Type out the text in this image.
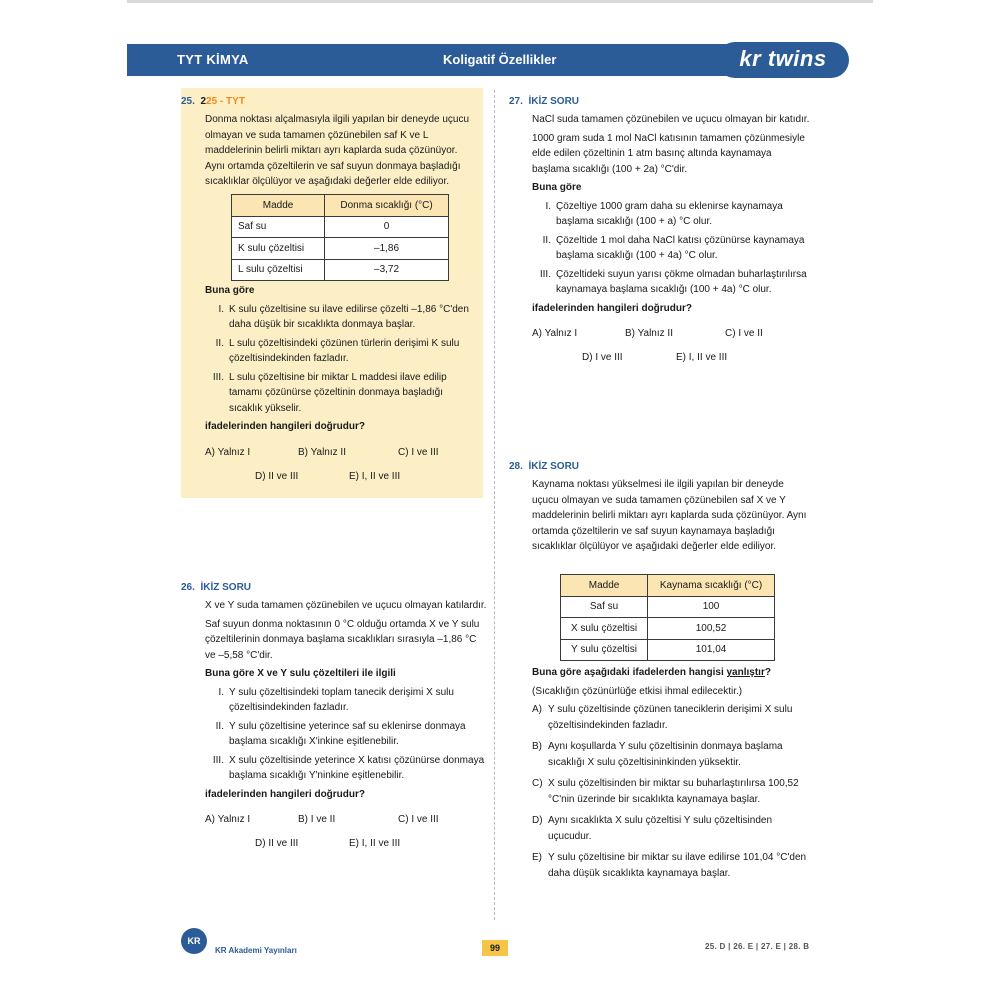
TYT KİMYA	Koligatif Özellikler	kr twins
25. 225 - TYT

Donma noktası alçalmasıyla ilgili yapılan bir deneyde uçucu olmayan ve suda tamamen çözünebilen saf K ve L maddelerinin belirli miktarı ayrı kaplarda suda çözünüyor. Aynı ortamda çözeltilerin ve saf suyun donmaya başladığı sıcaklıklar ölçülüyor ve aşağıdaki değerler elde ediliyor.

Madde	Donma sıcaklığı (°C)
Saf su	0
K sulu çözeltisi	–1,86
L sulu çözeltisi	–3,72

Buna göre

I. K sulu çözeltisine su ilave edilirse çözelti –1,86 °C'den daha düşük bir sıcaklıkta donmaya başlar.
II. L sulu çözeltisindeki çözünen türlerin derişimi K sulu çözeltisindekinden fazladır.
III. L sulu çözeltisine bir miktar L maddesi ilave edilip tamamı çözünürse çözeltinin donmaya başladığı sıcaklık yükselir.

ifadelerinden hangileri doğrudur?

A) Yalnız I	B) Yalnız II	C) I ve III
D) II ve III	E) I, II ve III
26. İKİZ SORU

X ve Y suda tamamen çözünebilen ve uçucu olmayan katılardır.

Saf suyun donma noktasının 0 °C olduğu ortamda X ve Y sulu çözeltilerinin donmaya başlama sıcaklıkları sırasıyla –1,86 °C ve –5,58 °C'dir.

Buna göre X ve Y sulu çözeltileri ile ilgili

I. Y sulu çözeltisindeki toplam tanecik derişimi X sulu çözeltisindekinden fazladır.
II. Y sulu çözeltisine yeterince saf su eklenirse donmaya başlama sıcaklığı X'inkine eşitlenebilir.
III. X sulu çözeltisinde yeterince X katısı çözünürse donmaya başlama sıcaklığı Y'ninkine eşitlenebilir.

ifadelerinden hangileri doğrudur?

A) Yalnız I	B) I ve II	C) I ve III
D) II ve III	E) I, II ve III
27. İKİZ SORU

NaCl suda tamamen çözünebilen ve uçucu olmayan bir katıdır.

1000 gram suda 1 mol NaCl katısının tamamen çözünmesiyle elde edilen çözeltinin 1 atm basınç altında kaynamaya başlama sıcaklığı (100 + 2a) °C'dir.

Buna göre

I. Çözeltiye 1000 gram daha su eklenirse kaynamaya başlama sıcaklığı (100 + a) °C olur.
II. Çözeltide 1 mol daha NaCl katısı çözünürse kaynamaya başlama sıcaklığı (100 + 4a) °C olur.
III. Çözeltideki suyun yarısı çökme olmadan buharlaştırılırsa kaynamaya başlama sıcaklığı (100 + 4a) °C olur.

ifadelerinden hangileri doğrudur?

A) Yalnız I	B) Yalnız II	C) I ve II
D) I ve III	E) I, II ve III
28. İKİZ SORU

Kaynama noktası yükselmesi ile ilgili yapılan bir deneyde uçucu olmayan ve suda tamamen çözünebilen saf X ve Y maddelerinin belirli miktarı ayrı kaplarda suda çözünüyor. Aynı ortamda çözeltilerin ve saf suyun kaynamaya başladığı sıcaklıklar ölçülüyor ve aşağıdaki değerler elde ediliyor.

Madde	Kaynama sıcaklığı (°C)
Saf su	100
X sulu çözeltisi	100,52
Y sulu çözeltisi	101,04

Buna göre aşağıdaki ifadelerden hangisi yanlıştır?

(Sıcaklığın çözünürlüğe etkisi ihmal edilecektir.)

A) Y sulu çözeltisinde çözünen taneciklerin derişimi X sulu çözeltisindekinden fazladır.
B) Aynı koşullarda Y sulu çözeltisinin donmaya başlama sıcaklığı X sulu çözeltisininkinden yüksektir.
C) X sulu çözeltisinden bir miktar su buharlaştırılırsa 100,52 °C'nin üzerinde bir sıcaklıkta kaynamaya başlar.
D) Aynı sıcaklıkta X sulu çözeltisi Y sulu çözeltisinden uçucudur.
E) Y sulu çözeltisine bir miktar su ilave edilirse 101,04 °C'den daha düşük sıcaklıkta kaynamaya başlar.
KR
KR Akademi Yayınları	99	25. D | 26. E | 27. E | 28. B
